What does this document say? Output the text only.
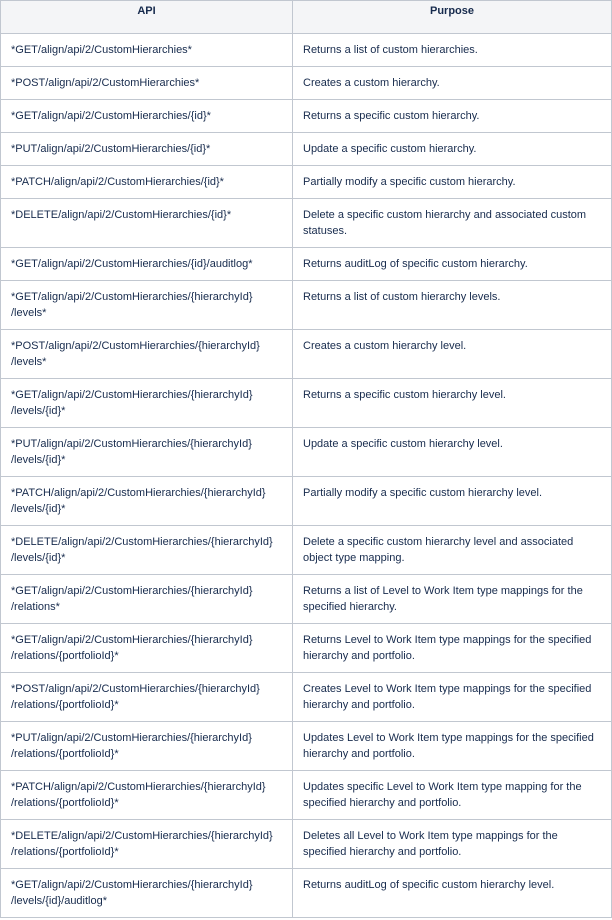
API	Purpose

*GET/align/api/2/CustomHierarchies*	Returns a list of custom hierarchies.

*POST/align/api/2/CustomHierarchies*	Creates a custom hierarchy.

*GET/align/api/2/CustomHierarchies/{id}*	Returns a specific custom hierarchy.

*PUT/align/api/2/CustomHierarchies/{id}*	Update a specific custom hierarchy.

*PATCH/align/api/2/CustomHierarchies/{id}*	Partially modify a specific custom hierarchy.

*DELETE/align/api/2/CustomHierarchies/{id}*	Delete a specific custom hierarchy and associated custom statuses.

*GET/align/api/2/CustomHierarchies/{id}/auditlog*	Returns auditLog of specific custom hierarchy.

*GET/align/api/2/CustomHierarchies/{hierarchyId}
/levels*	Returns a list of custom hierarchy levels.

*POST/align/api/2/CustomHierarchies/{hierarchyId}
/levels*	Creates a custom hierarchy level.

*GET/align/api/2/CustomHierarchies/{hierarchyId}
/levels/{id}*	Returns a specific custom hierarchy level.

*PUT/align/api/2/CustomHierarchies/{hierarchyId}
/levels/{id}*	Update a specific custom hierarchy level.

*PATCH/align/api/2/CustomHierarchies/{hierarchyId}
/levels/{id}*	Partially modify a specific custom hierarchy level.

*DELETE/align/api/2/CustomHierarchies/{hierarchyId}
/levels/{id}*	Delete a specific custom hierarchy level and associated object type mapping.

*GET/align/api/2/CustomHierarchies/{hierarchyId}
/relations*	Returns a list of Level to Work Item type mappings for the specified hierarchy.

*GET/align/api/2/CustomHierarchies/{hierarchyId}
/relations/{portfolioId}*	Returns Level to Work Item type mappings for the specified hierarchy and portfolio.

*POST/align/api/2/CustomHierarchies/{hierarchyId}
/relations/{portfolioId}*	Creates Level to Work Item type mappings for the specified hierarchy and portfolio.

*PUT/align/api/2/CustomHierarchies/{hierarchyId}
/relations/{portfolioId}*	Updates Level to Work Item type mappings for the specified hierarchy and portfolio.

*PATCH/align/api/2/CustomHierarchies/{hierarchyId}
/relations/{portfolioId}*	Updates specific Level to Work Item type mapping for the specified hierarchy and portfolio.

*DELETE/align/api/2/CustomHierarchies/{hierarchyId}
/relations/{portfolioId}*	Deletes all Level to Work Item type mappings for the specified hierarchy and portfolio.

*GET/align/api/2/CustomHierarchies/{hierarchyId}
/levels/{id}/auditlog*	Returns auditLog of specific custom hierarchy level.
